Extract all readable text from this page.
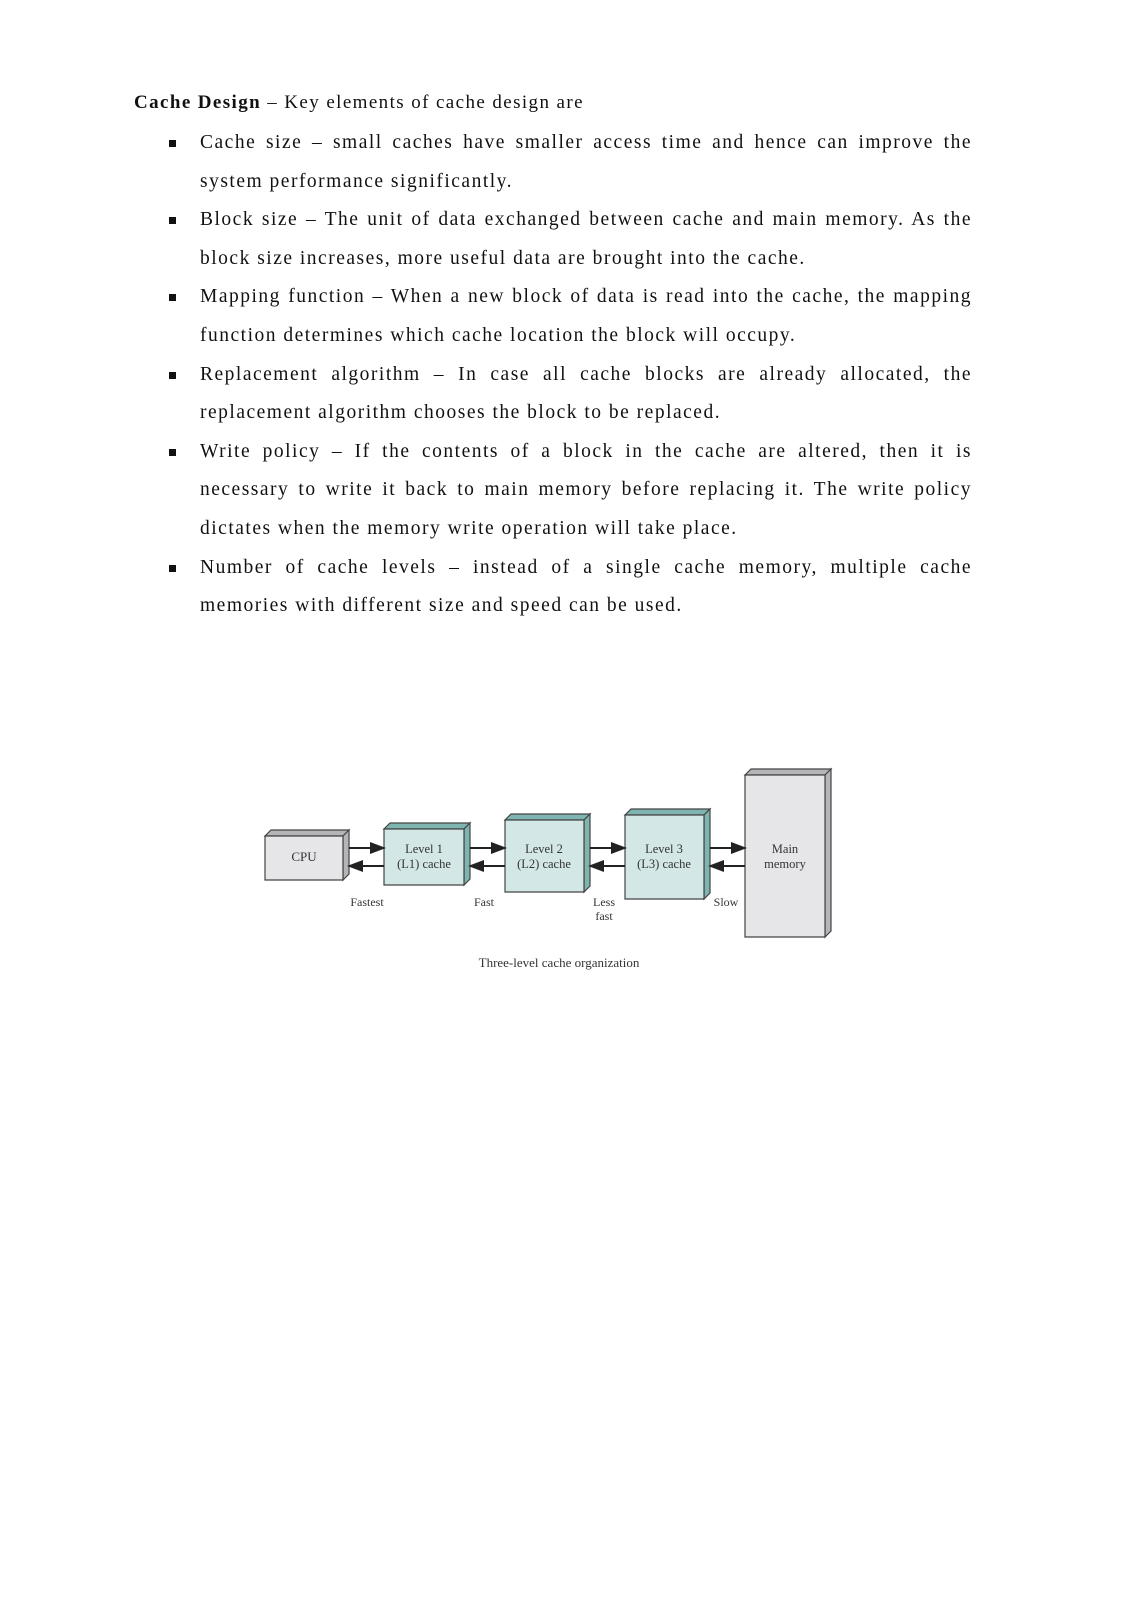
Cache Design – Key elements of cache design are
Cache size – small caches have smaller access time and hence can improve the system performance significantly.
Block size – The unit of data exchanged between cache and main memory. As the block size increases, more useful data are brought into the cache.
Mapping function – When a new block of data is read into the cache, the mapping function determines which cache location the block will occupy.
Replacement algorithm – In case all cache blocks are already allocated, the replacement algorithm chooses the block to be replaced.
Write policy – If the contents of a block in the cache are altered, then it is necessary to write it back to main memory before replacing it. The write policy dictates when the memory write operation will take place.
Number of cache levels – instead of a single cache memory, multiple cache memories with different size and speed can be used.
CPU	Level 1
(L1) cache
Level 2
(L2) cache
Level 3
(L3) cache
Main
memory
Fastest	Fast	Less
fast
Slow
Three-level cache organization
